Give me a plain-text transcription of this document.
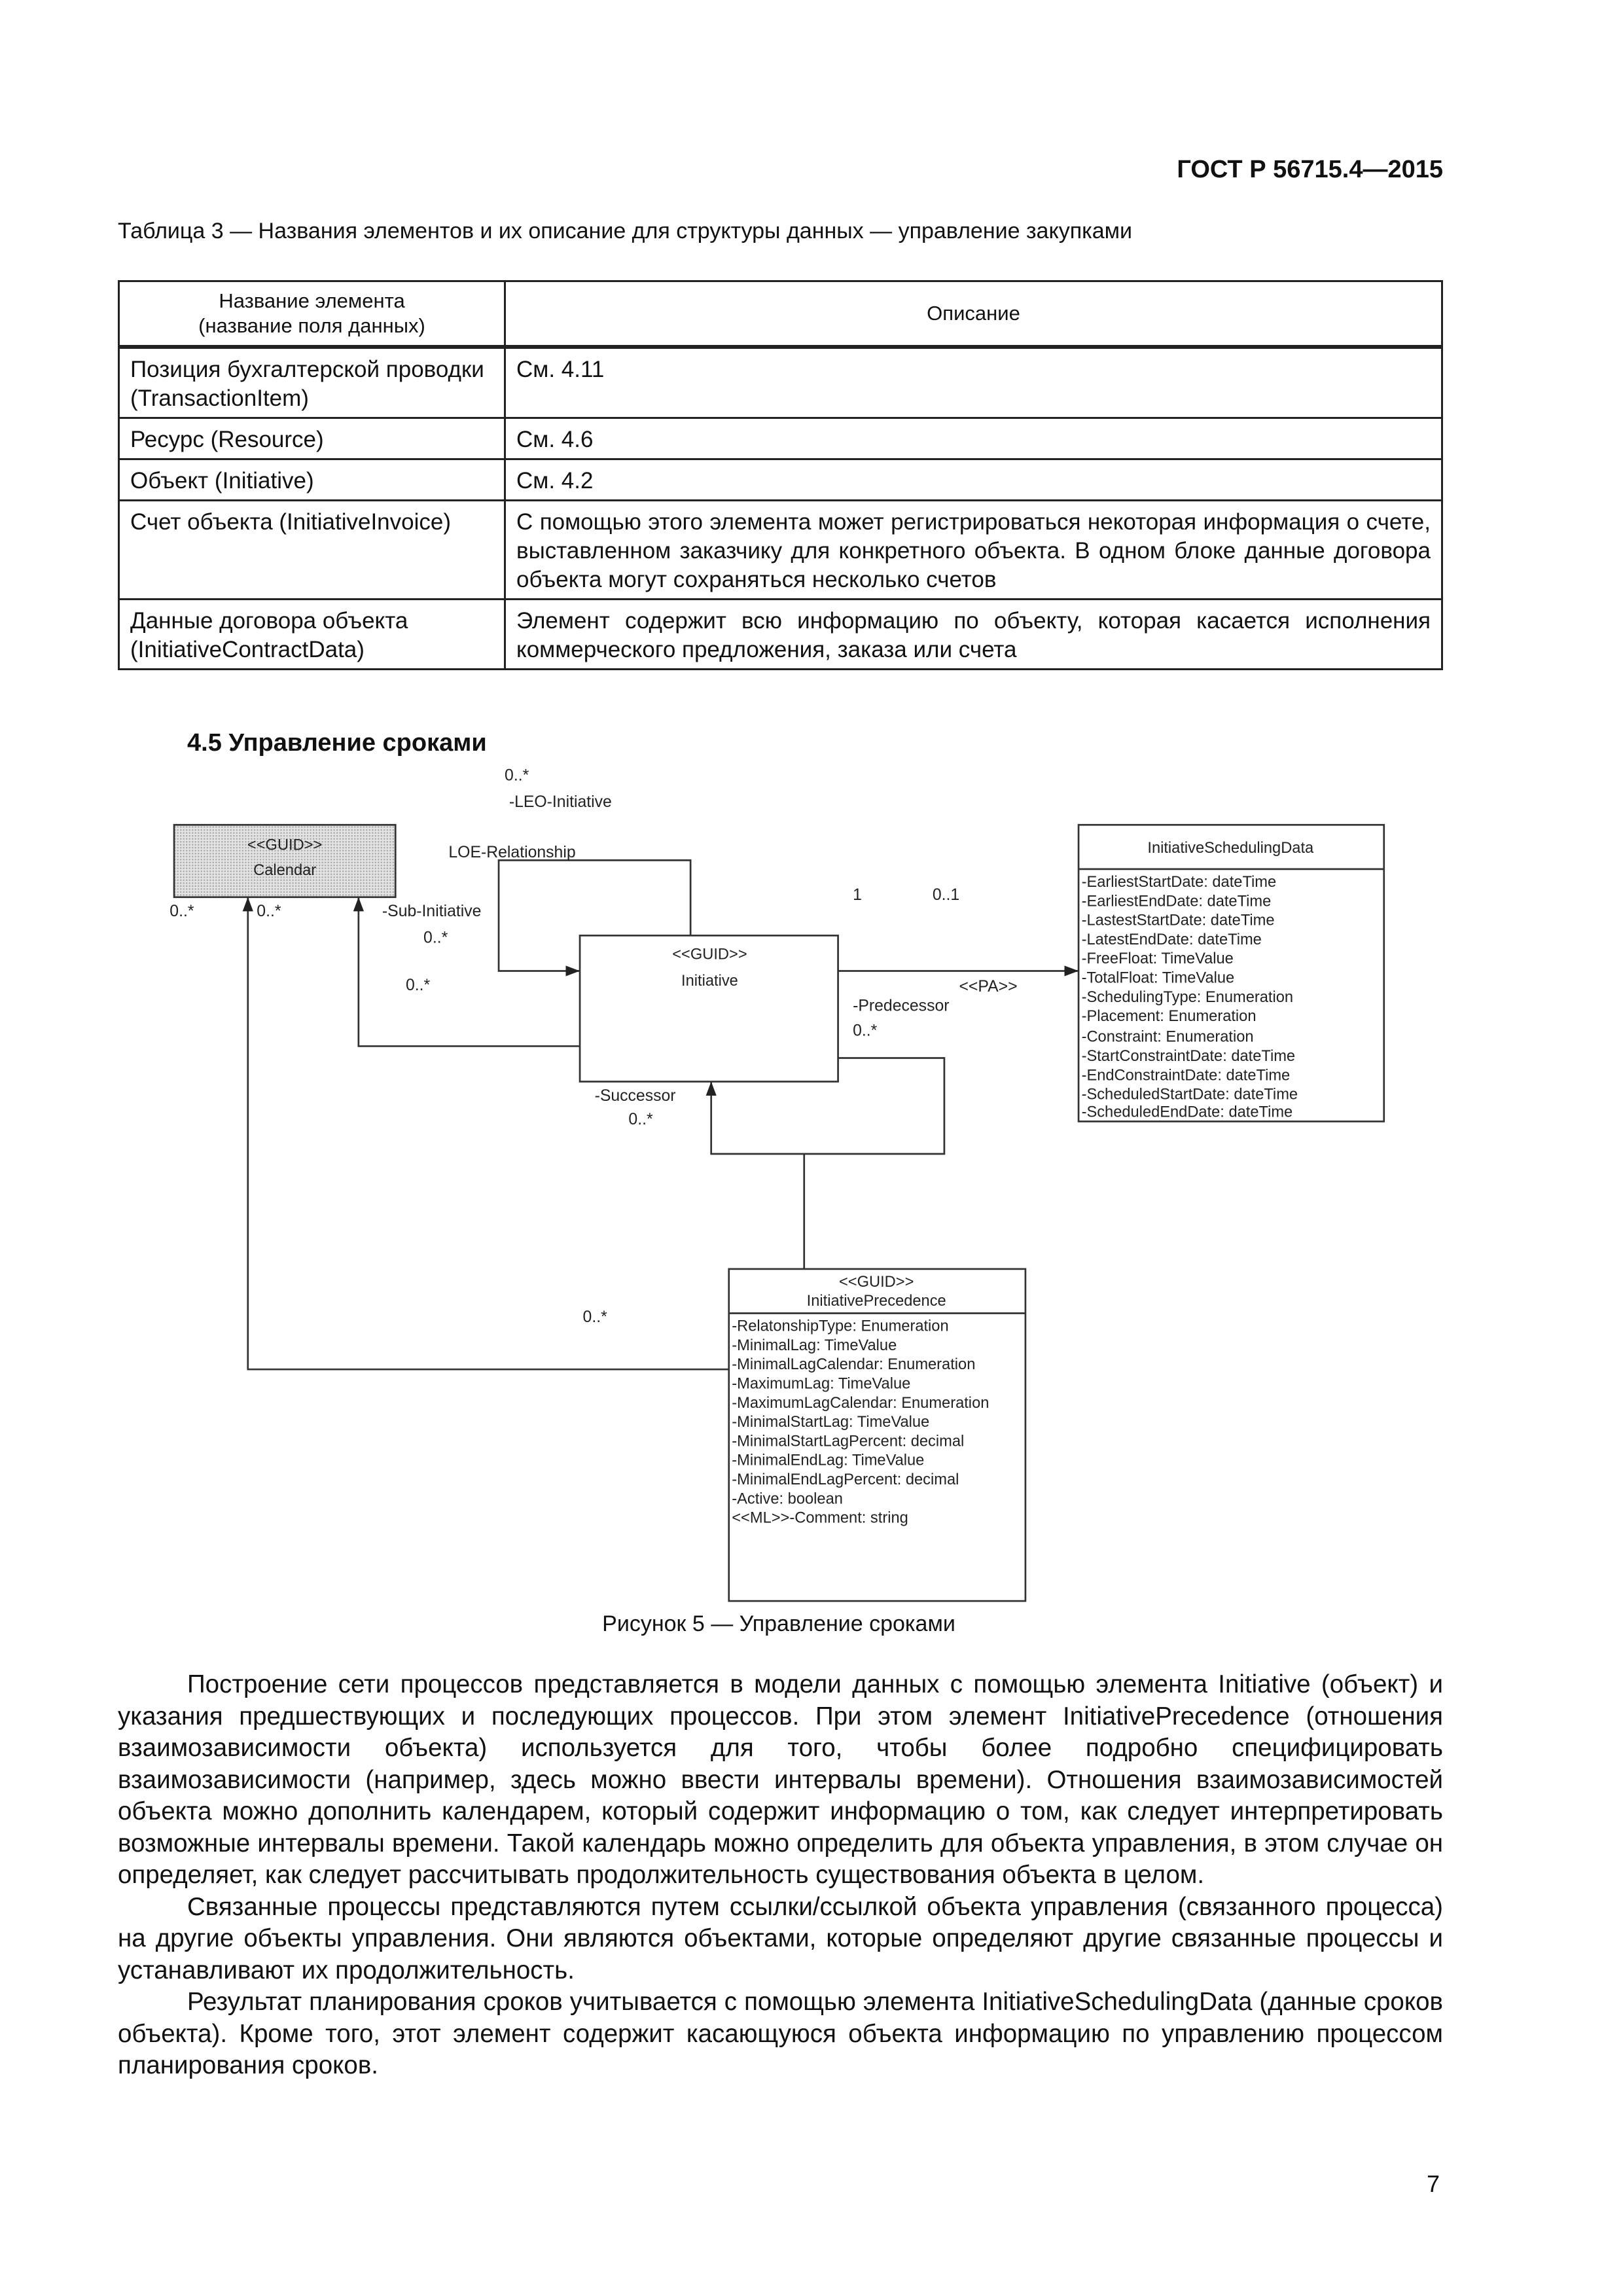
ГОСТ Р 56715.4—2015
Таблица 3 — Названия элементов и их описание для структуры данных — управление закупками
Название элемента
(название поля данных)	Описание
Позиция бухгалтерской проводки (TransactionItem)	См. 4.11
Ресурс (Resource)	См. 4.6
Объект (Initiative)	См. 4.2
Счет объекта (InitiativeInvoice)	С помощью этого элемента может регистрироваться некоторая информация о счете, выставленном заказчику для конкретного объекта. В одном блоке данные договора объекта могут сохраняться несколько счетов
Данные договора объекта (InitiativeContractData)	Элемент содержит всю информацию по объекту, которая касается исполнения коммерческого предложения, заказа или счета
4.5 Управление сроками
<<GUID>>
Calendar
<<GUID>>
Initiative
InitiativeSchedulingData
<<GUID>>
InitiativePrecedence
-EarliestStartDate: dateTime
-EarliestEndDate: dateTime
-LastestStartDate: dateTime
-LatestEndDate: dateTime
-FreeFloat: TimeValue
-TotalFloat: TimeValue
-SchedulingType: Enumeration
-Placement: Enumeration
-Constraint: Enumeration
-StartConstraintDate: dateTime
-EndConstraintDate: dateTime
-ScheduledStartDate: dateTime
-ScheduledEndDate: dateTime
-RelatonshipType: Enumeration
-MinimalLag: TimeValue
-MinimalLagCalendar: Enumeration
-MaximumLag: TimeValue
-MaximumLagCalendar: Enumeration
-MinimalStartLag: TimeValue
-MinimalStartLagPercent: decimal
-MinimalEndLag: TimeValue
-MinimalEndLagPercent: decimal
-Active: boolean
<<ML>>-Comment: string
0..*
-LEO-Initiative
LOE-Relationship
0..*	0..*	-Sub-Initiative
0..*
0..*
1	0..1
<<PA>>
-Predecessor
0..*
-Successor
0..*
0..*
Рисунок 5 — Управление сроками

Построение сети процессов представляется в модели данных с помощью элемента Initiative (объект) и указания предшествующих и последующих процессов. При этом элемент InitiativePrecedence (отношения взаимозависимости объекта) используется для того, чтобы более подробно специфицировать взаимозависимости (например, здесь можно ввести интервалы времени). Отношения взаимозависимостей объекта можно дополнить календарем, который содержит информацию о том, как следует интерпретировать возможные интервалы времени. Такой календарь можно определить для объекта управления, в этом случае он определяет, как следует рассчитывать продолжительность существования объекта в целом.

Связанные процессы представляются путем ссылки/ссылкой объекта управления (связанного процесса) на другие объекты управления. Они являются объектами, которые определяют другие связанные процессы и устанавливают их продолжительность.

Результат планирования сроков учитывается с помощью элемента InitiativeSchedulingData (данные сроков объекта). Кроме того, этот элемент содержит касающуюся объекта информацию по управлению процессом планирования сроков.

7
